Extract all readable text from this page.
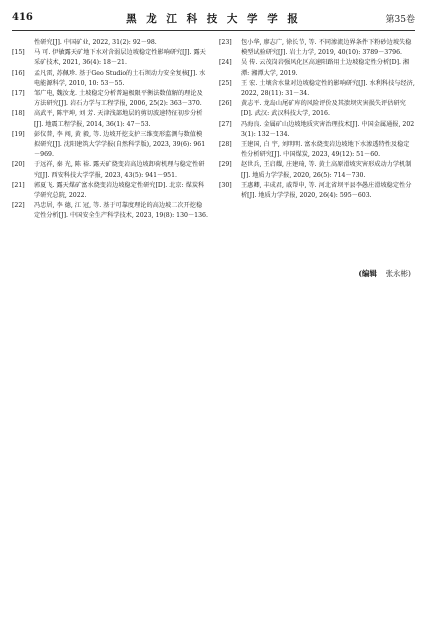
416	黑 龙 江 科 技 大 学 学 报	第35卷
性研究[J]. 中国矿业, 2022, 31(2): 92－98.
[15]	马 可. 伊敏露天矿地下水对含弱层边坡稳定性影响研究[J]. 露天采矿技术, 2021, 36(4): 18－21.
[16]	孟凡雷, 苏佩珍. 基于Geo Studio的土石坝动力安全复核[J]. 水电能源科学, 2010, 10: 53－55.
[17]	邹广电, 魏汝龙. 土坡稳定分析普遍极限平衡法数值解的理论及方法研究[J]. 岩石力学与工程学报, 2006, 25(2): 363－370.
[18]	高武平, 陈宇坤, 刘 芳. 天津浅部地层的剪切波速特征初步分析[J]. 地震工程学报, 2014, 36(1): 47－53.
[19]	彭仪普, 李 闯, 黄 毅, 等. 边坡开挖支护三维变形监测与数值模拟研究[J]. 沈阳建筑大学学报(自然科学版), 2023, 39(6): 961－969.
[20]	于远祥, 秦 光, 陈 裕. 露天矿烧变岩高边坡卸荷机理与稳定性研究[J]. 西安科技大学学报, 2023, 43(5): 941－951.
[21]	郭夏飞. 露天煤矿富水烧变岩边坡稳定性研究[D]. 北京: 煤炭科学研究总院, 2022.
[22]	冯忠居, 李 德, 江 冠, 等. 基于可靠度理论的高边坡二次开挖稳定性分析[J]. 中国安全生产科学技术, 2023, 19(8): 130－136.
[23]	包小华, 廖志广, 徐长节, 等. 不同渗流边界条件下粉砂边坡失稳模型试验研究[J]. 岩土力学, 2019, 40(10): 3789－3796.
[24]	吴 传. 云茂岗岩强风化区高速阳路用土边坡稳定性分析[D]. 湘潭: 湘潭大学, 2019.
[25]	王 宏. 土壤含水量对边坡稳定性的影响研究[J]. 水利科技与经济, 2022, 28(11): 31－34.
[26]	黄志平. 龙岛山尾矿库的风险评价及其溃坝灾害损失评估研究[D]. 武汉: 武汉科技大学, 2016.
[27]	冯海良. 金属矿山边坡地质灾害治理技术[J]. 中国金属通报, 2023(1): 132－134.
[28]	王建国, 白 宇, 刘明明. 富水烧变岩边坡地下水渗透特性及稳定性分析研究[J]. 中国煤炭, 2023, 49(12): 51－60.
[29]	赵世兵, 王启耀, 庄建琦, 等. 黄土高原滑坡灾害形成动力学机制[J]. 地质力学学报, 2020, 26(5): 714－730.
[30]	王惠卿, 丰成君, 戚帮申, 等. 河北省坝平县李愚庄滑坡稳定性分析[J]. 地质力学学报, 2020, 26(4): 595－603.
(编辑 张永彬)
